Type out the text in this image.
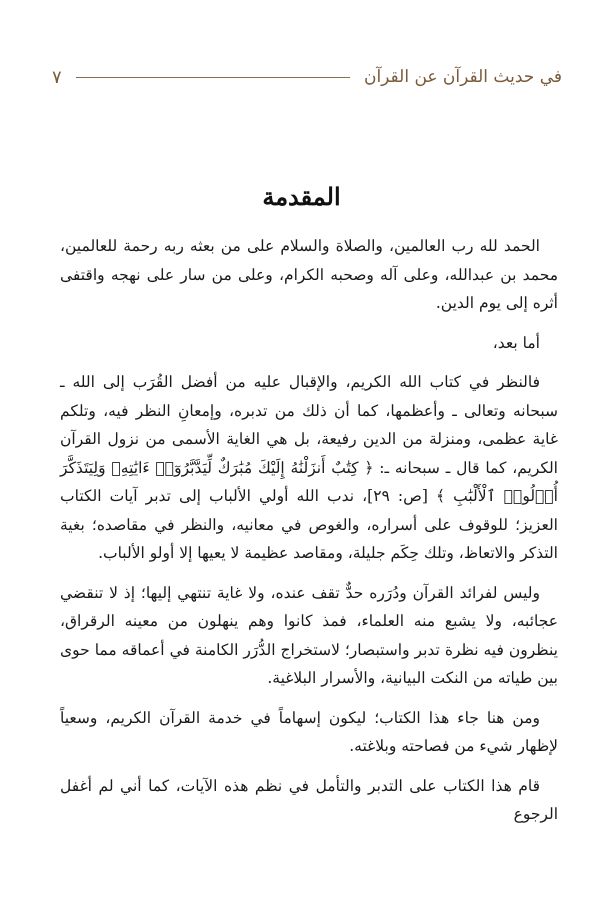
في حديث القرآن عن القرآن
٧
المقدمة

الحمد لله رب العالمين، والصلاة والسلام على من بعثه ربه رحمة للعالمين، محمد بن عبدالله، وعلى آله وصحبه الكرام، وعلى من سار على نهجه واقتفى أثره إلى يوم الدين.

أما بعد،

فالنظر في كتاب الله الكريم، والإقبال عليه من أفضل القُرَب إلى الله ـ سبحانه وتعالى ـ وأعظمها، كما أن ذلك من تدبره، وإمعانِ النظر فيه، وتلكم غاية عظمى، ومنزلة من الدين رفيعة، بل هي الغاية الأسمى من نزول القرآن الكريم، كما قال ـ سبحانه ـ: ﴿ كِتَٰبٌ أَنزَلْنَٰهُ إِلَيْكَ مُبَٰرَكٌ لِّيَدَّبَّرُوٓا۟ ءَايَٰتِهِۦ وَلِيَتَذَكَّرَ أُو۟لُوا۟ ٱلْأَلْبَٰبِ ﴾ [ص: ٢٩]، ندب الله أولي الألباب إلى تدبر آيات الكتاب العزيز؛ للوقوف على أسراره، والغوص في معانيه، والنظر في مقاصده؛ بغية التذكر والاتعاظ، وتلك حِكَم جليلة، ومقاصد عظيمة لا يعيها إلا أولو الألباب.

وليس لفرائد القرآن ودُرَره حدٌّ تقف عنده، ولا غاية تنتهي إليها؛ إذ لا تنقضي عجائبه، ولا يشبع منه العلماء، فمذ كانوا وهم ينهلون من معينه الرقراق، ينظرون فيه نظرة تدبر واستبصار؛ لاستخراج الدُّرَر الكامنة في أعماقه مما حوى بين طياته من النكت البيانية، والأسرار البلاغية.

ومن هنا جاء هذا الكتاب؛ ليكون إسهاماً في خدمة القرآن الكريم، وسعياً لإظهار شيء من فصاحته وبلاغته.

قام هذا الكتاب على التدبر والتأمل في نظم هذه الآيات، كما أني لم أغفل الرجوع
